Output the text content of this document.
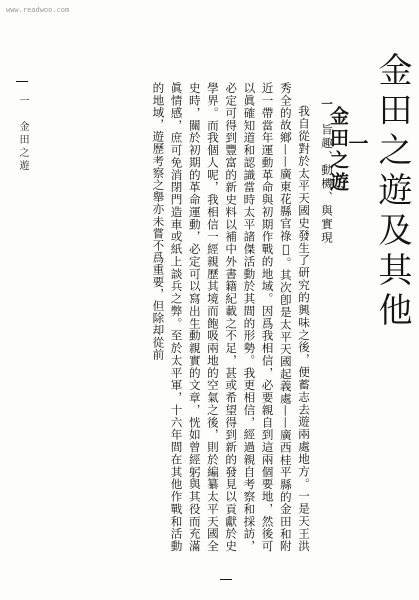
www.readwoo.com
金田之遊及其他
一
金田之遊
一 旨趣、動機、與實現

我自從對於太平天國史發生了研究的興味之後，便蓄志去遊兩處地方。一是天王洪秀全的故鄉——廣東花縣官祿𡊮。其次卽是太平天國起義處——廣西桂平縣的金田和附近一帶當年運動革命與初期作戰的地域。因爲我相信，必要親自到這兩個要地，然後可以眞確知道和認識當時太平諸傑活動於其間的形勢。我更相信，經過親自考察和採訪，必定可得到豐富的新史料以補中外書籍紀載之不足，甚或希望得到新的發見以貢獻於史學界。而我個人呢，我相信一經親歷其境而飽吸兩地的空氣之後，則於編纂太平天國全史時，關於初期的革命運動，必定可以寫出生動親實的文章，恍如曾經躬與其役而充滿眞情感，庶可免消閉門造車或紙上談兵之弊。至於太平軍，十六年間在其他作戰和活動的地域，遊歷考察之舉亦未嘗不爲重要，但除却從前

一　金田之遊
